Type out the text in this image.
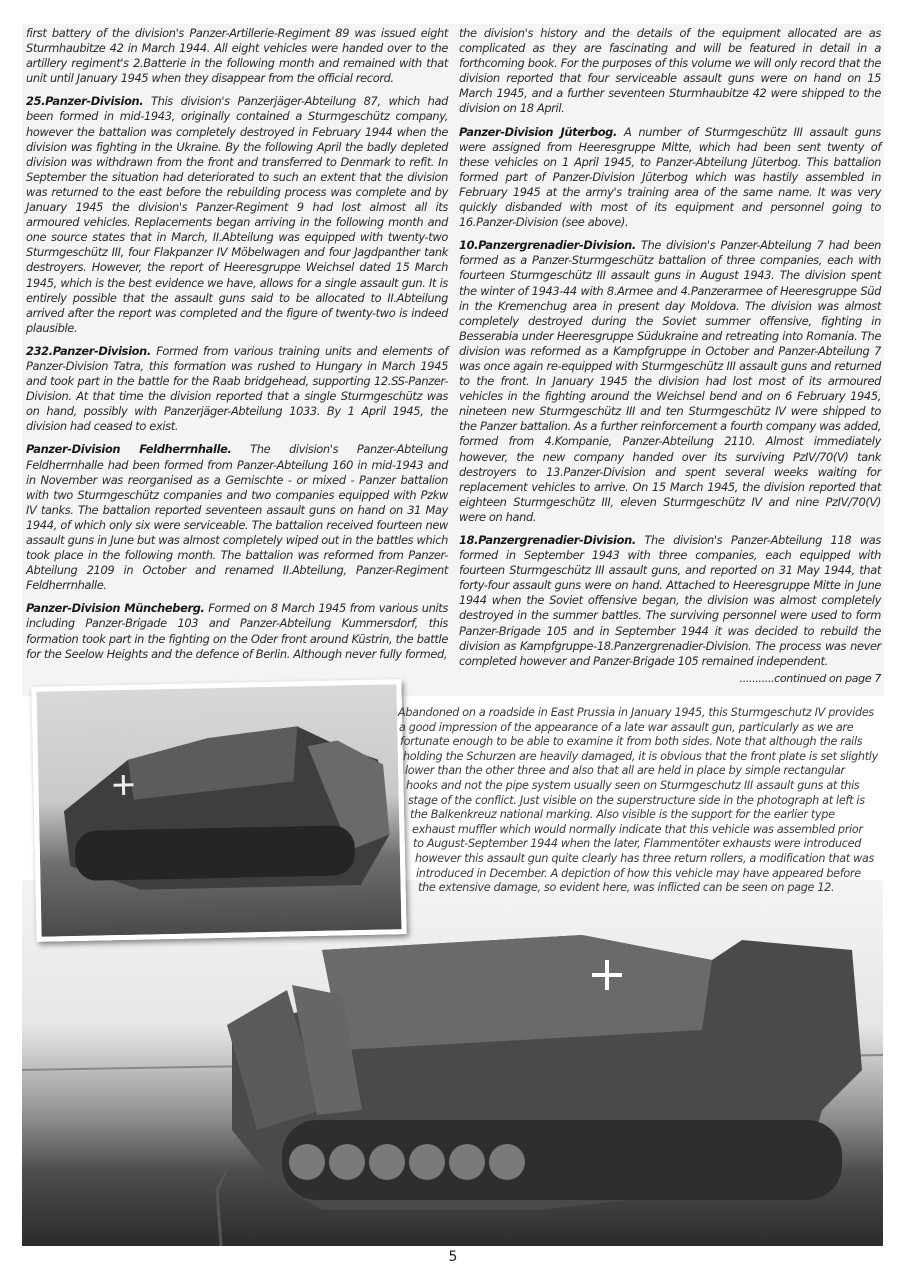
first battery of the division's Panzer-Artillerie-Regiment 89 was issued eight Sturmhaubitze 42 in March 1944. All eight vehicles were handed over to the artillery regiment's 2.Batterie in the following month and remained with that unit until January 1945 when they disappear from the official record.

25.Panzer-Division. This division's Panzerjäger-Abteilung 87, which had been formed in mid-1943, originally contained a Sturmgeschütz company, however the battalion was completely destroyed in February 1944 when the division was fighting in the Ukraine. By the following April the badly depleted division was withdrawn from the front and transferred to Denmark to refit. In September the situation had deteriorated to such an extent that the division was returned to the east before the rebuilding process was complete and by January 1945 the division's Panzer-Regiment 9 had lost almost all its armoured vehicles. Replacements began arriving in the following month and one source states that in March, II.Abteilung was equipped with twenty-two Sturmgeschütz III, four Flakpanzer IV Möbelwagen and four Jagdpanther tank destroyers. However, the report of Heeresgruppe Weichsel dated 15 March 1945, which is the best evidence we have, allows for a single assault gun. It is entirely possible that the assault guns said to be allocated to II.Abteilung arrived after the report was completed and the figure of twenty-two is indeed plausible.

232.Panzer-Division. Formed from various training units and elements of Panzer-Division Tatra, this formation was rushed to Hungary in March 1945 and took part in the battle for the Raab bridgehead, supporting 12.SS-Panzer-Division. At that time the division reported that a single Sturmgeschütz was on hand, possibly with Panzerjäger-Abteilung 1033. By 1 April 1945, the division had ceased to exist.

Panzer-Division Feldherrnhalle. The division's Panzer-Abteilung Feldherrnhalle had been formed from Panzer-Abteilung 160 in mid-1943 and in November was reorganised as a Gemischte - or mixed - Panzer battalion with two Sturmgeschütz companies and two companies equipped with Pzkw IV tanks. The battalion reported seventeen assault guns on hand on 31 May 1944, of which only six were serviceable. The battalion received fourteen new assault guns in June but was almost completely wiped out in the battles which took place in the following month. The battalion was reformed from Panzer-Abteilung 2109 in October and renamed II.Abteilung, Panzer-Regiment Feldherrnhalle.

Panzer-Division Müncheberg. Formed on 8 March 1945 from various units including Panzer-Brigade 103 and Panzer-Abteilung Kummersdorf, this formation took part in the fighting on the Oder front around Küstrin, the battle for the Seelow Heights and the defence of Berlin. Although never fully formed,

the division's history and the details of the equipment allocated are as complicated as they are fascinating and will be featured in detail in a forthcoming book. For the purposes of this volume we will only record that the division reported that four serviceable assault guns were on hand on 15 March 1945, and a further seventeen Sturmhaubitze 42 were shipped to the division on 18 April.

Panzer-Division Jüterbog. A number of Sturmgeschütz III assault guns were assigned from Heeresgruppe Mitte, which had been sent twenty of these vehicles on 1 April 1945, to Panzer-Abteilung Jüterbog. This battalion formed part of Panzer-Division Jüterbog which was hastily assembled in February 1945 at the army's training area of the same name. It was very quickly disbanded with most of its equipment and personnel going to 16.Panzer-Division (see above).

10.Panzergrenadier-Division. The division's Panzer-Abteilung 7 had been formed as a Panzer-Sturmgeschütz battalion of three companies, each with fourteen Sturmgeschütz III assault guns in August 1943. The division spent the winter of 1943-44 with 8.Armee and 4.Panzerarmee of Heeresgruppe Süd in the Kremenchug area in present day Moldova. The division was almost completely destroyed during the Soviet summer offensive, fighting in Besserabia under Heeresgruppe Südukraine and retreating into Romania. The division was reformed as a Kampfgruppe in October and Panzer-Abteilung 7 was once again re-equipped with Sturmgeschütz III assault guns and returned to the front. In January 1945 the division had lost most of its armoured vehicles in the fighting around the Weichsel bend and on 6 February 1945, nineteen new Sturmgeschütz III and ten Sturmgeschütz IV were shipped to the Panzer battalion. As a further reinforcement a fourth company was added, formed from 4.Kompanie, Panzer-Abteilung 2110. Almost immediately however, the new company handed over its surviving PzIV/70(V) tank destroyers to 13.Panzer-Division and spent several weeks waiting for replacement vehicles to arrive. On 15 March 1945, the division reported that eighteen Sturmgeschütz III, eleven Sturmgeschütz IV and nine PzIV/70(V) were on hand.

18.Panzergrenadier-Division. The division's Panzer-Abteilung 118 was formed in September 1943 with three companies, each equipped with fourteen Sturmgeschütz III assault guns, and reported on 31 May 1944, that forty-four assault guns were on hand. Attached to Heeresgruppe Mitte in June 1944 when the Soviet offensive began, the division was almost completely destroyed in the summer battles. The surviving personnel were used to form Panzer-Brigade 105 and in September 1944 it was decided to rebuild the division as Kampfgruppe-18.Panzergrenadier-Division. The process was never completed however and Panzer-Brigade 105 remained independent.

...........continued on page 7
Abandoned on a roadside in East Prussia in January 1945, this Sturmgeschutz IV provides
a good impression of the appearance of a late war assault gun, particularly as we are
fortunate enough to be able to examine it from both sides. Note that although the rails
holding the Schurzen are heavily damaged, it is obvious that the front plate is set slightly
lower than the other three and also that all are held in place by simple rectangular
hooks and not the pipe system usually seen on Sturmgeschutz III assault guns at this
stage of the conflict. Just visible on the superstructure side in the photograph at left is
the Balkenkreuz national marking. Also visible is the support for the earlier type
exhaust muffler which would normally indicate that this vehicle was assembled prior
to August-September 1944 when the later, Flammentöter exhausts were introduced
however this assault gun quite clearly has three return rollers, a modification that was
introduced in December. A depiction of how this vehicle may have appeared before
the extensive damage, so evident here, was inflicted can be seen on page 12.
5
